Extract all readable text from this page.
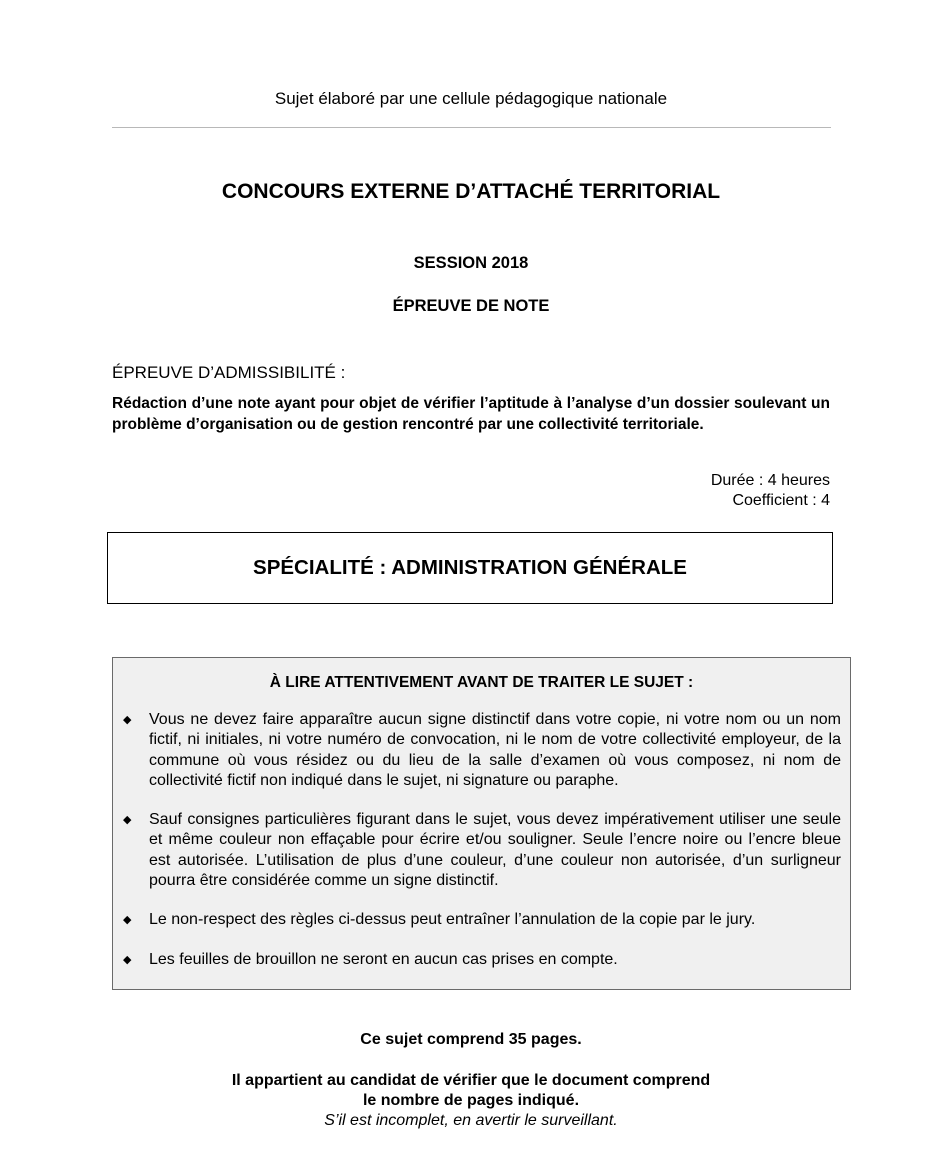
Sujet élaboré par une cellule pédagogique nationale
CONCOURS EXTERNE D’ATTACHÉ TERRITORIAL
SESSION 2018
ÉPREUVE DE NOTE
ÉPREUVE D’ADMISSIBILITÉ :
Rédaction d’une note ayant pour objet de vérifier l’aptitude à l’analyse d’un dossier soulevant un problème d’organisation ou de gestion rencontré par une collectivité territoriale.
Durée : 4 heures
Coefficient : 4
SPÉCIALITÉ : ADMINISTRATION GÉNÉRALE
À LIRE ATTENTIVEMENT AVANT DE TRAITER LE SUJET :
◆ Vous ne devez faire apparaître aucun signe distinctif dans votre copie, ni votre nom ou un nom fictif, ni initiales, ni votre numéro de convocation, ni le nom de votre collectivité employeur, de la commune où vous résidez ou du lieu de la salle d’examen où vous composez, ni nom de collectivité fictif non indiqué dans le sujet, ni signature ou paraphe.
◆ Sauf consignes particulières figurant dans le sujet, vous devez impérativement utiliser une seule et même couleur non effaçable pour écrire et/ou souligner. Seule l’encre noire ou l’encre bleue est autorisée. L’utilisation de plus d’une couleur, d’une couleur non autorisée, d’un surligneur pourra être considérée comme un signe distinctif.
◆ Le non-respect des règles ci-dessus peut entraîner l’annulation de la copie par le jury.
◆ Les feuilles de brouillon ne seront en aucun cas prises en compte.
Ce sujet comprend 35 pages.
Il appartient au candidat de vérifier que le document comprend
le nombre de pages indiqué.
S’il est incomplet, en avertir le surveillant.
